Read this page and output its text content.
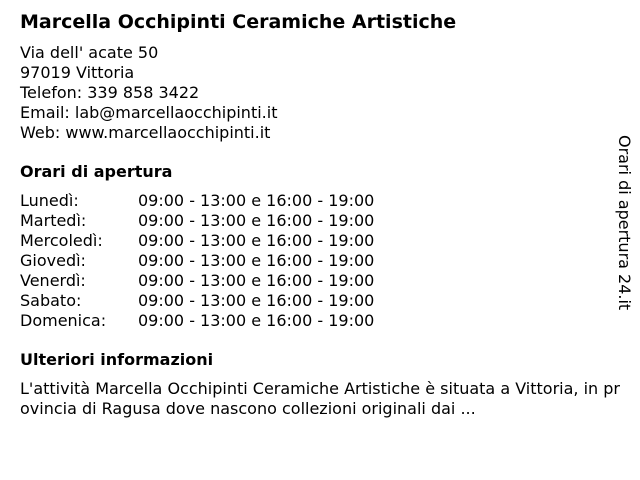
Marcella Occhipinti Ceramiche Artistiche
Via dell' acate 50
97019 Vittoria
Telefon: 339 858 3422
Email: lab@marcellaocchipinti.it
Web: www.marcellaocchipinti.it
Orari di apertura
Lunedì:	09:00 - 13:00 e 16:00 - 19:00
Martedì:	09:00 - 13:00 e 16:00 - 19:00
Mercoledì:	09:00 - 13:00 e 16:00 - 19:00
Giovedì:	09:00 - 13:00 e 16:00 - 19:00
Venerdì:	09:00 - 13:00 e 16:00 - 19:00
Sabato:	09:00 - 13:00 e 16:00 - 19:00
Domenica:	09:00 - 13:00 e 16:00 - 19:00
Ulteriori informazioni
L'attività Marcella Occhipinti Ceramiche Artistiche è situata a Vittoria, in provincia di Ragusa dove nascono collezioni originali dai ...
Orari di apertura 24.it
